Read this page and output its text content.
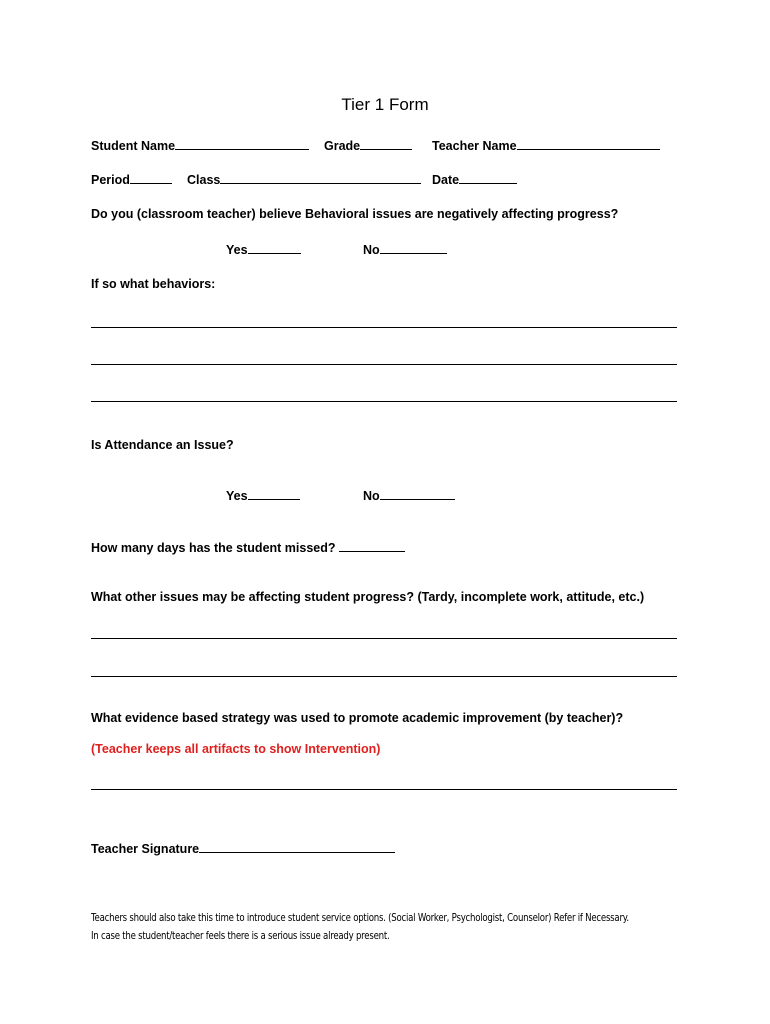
Tier 1 Form
Student Name	Grade	Teacher Name
Period	Class	Date
Do you (classroom teacher) believe Behavioral issues are negatively affecting progress?
Yes	No
If so what behaviors:
Is Attendance an Issue?
Yes	No
How many days has the student missed?
What other issues may be affecting student progress? (Tardy, incomplete work, attitude, etc.)
What evidence based strategy was used to promote academic improvement (by teacher)?
(Teacher keeps all artifacts to show Intervention)
Teacher Signature
Teachers should also take this time to introduce student service options. (Social Worker, Psychologist, Counselor) Refer if Necessary.
In case the student/teacher feels there is a serious issue already present.
